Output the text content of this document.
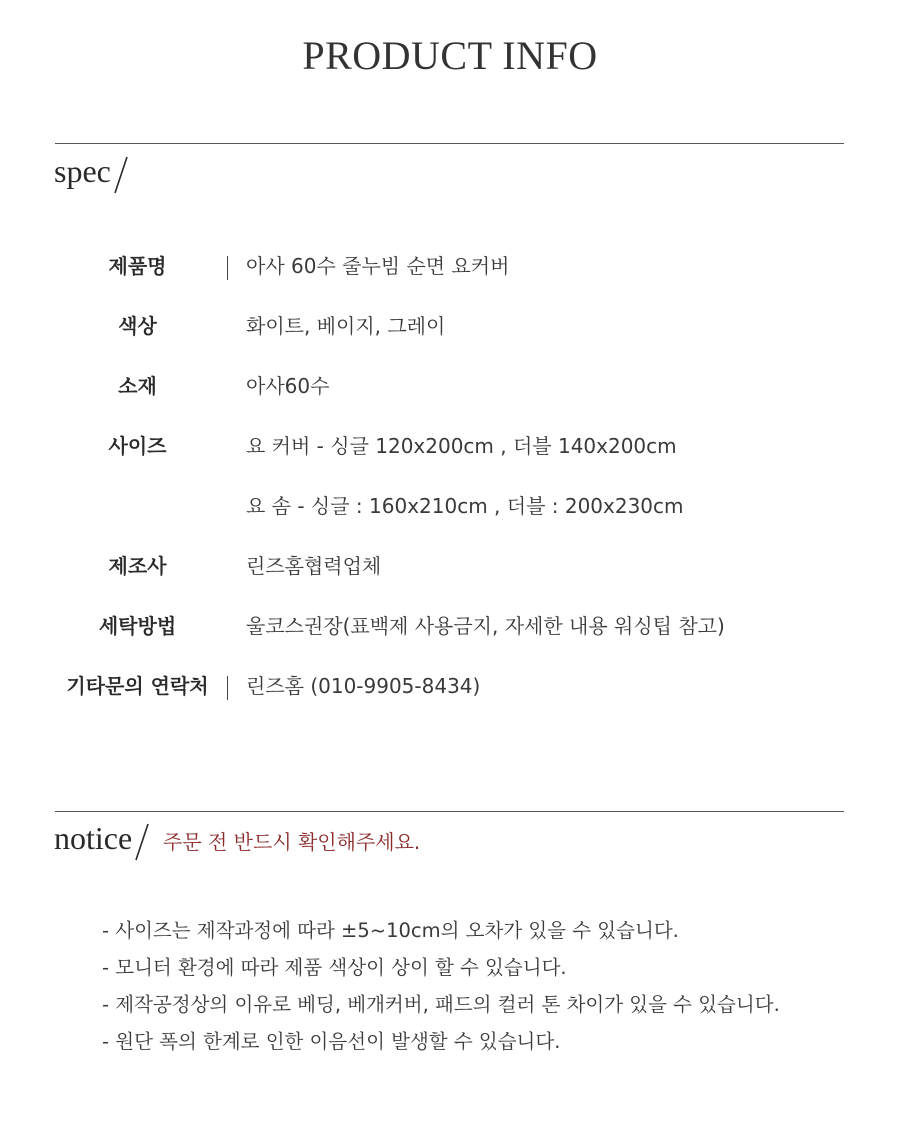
PRODUCT INFO
spec
제품명	아사 60수 줄누빔 순면 요커버
색상	화이트, 베이지, 그레이
소재	아사60수
사이즈	요 커버 - 싱글 120x200cm , 더블 140x200cm
요 솜 - 싱글 : 160x210cm , 더블 : 200x230cm
제조사	린즈홈협력업체
세탁방법	울코스권장(표백제 사용금지, 자세한 내용 워싱팁 참고)
기타문의 연락처	린즈홈 (010-9905-8434)
notice	주문 전 반드시 확인해주세요.
- 사이즈는 제작과정에 따라 ±5~10cm의 오차가 있을 수 있습니다.
- 모니터 환경에 따라 제품 색상이 상이 할 수 있습니다.
- 제작공정상의 이유로 베딩, 베개커버, 패드의 컬러 톤 차이가 있을 수 있습니다.
- 원단 폭의 한계로 인한 이음선이 발생할 수 있습니다.
